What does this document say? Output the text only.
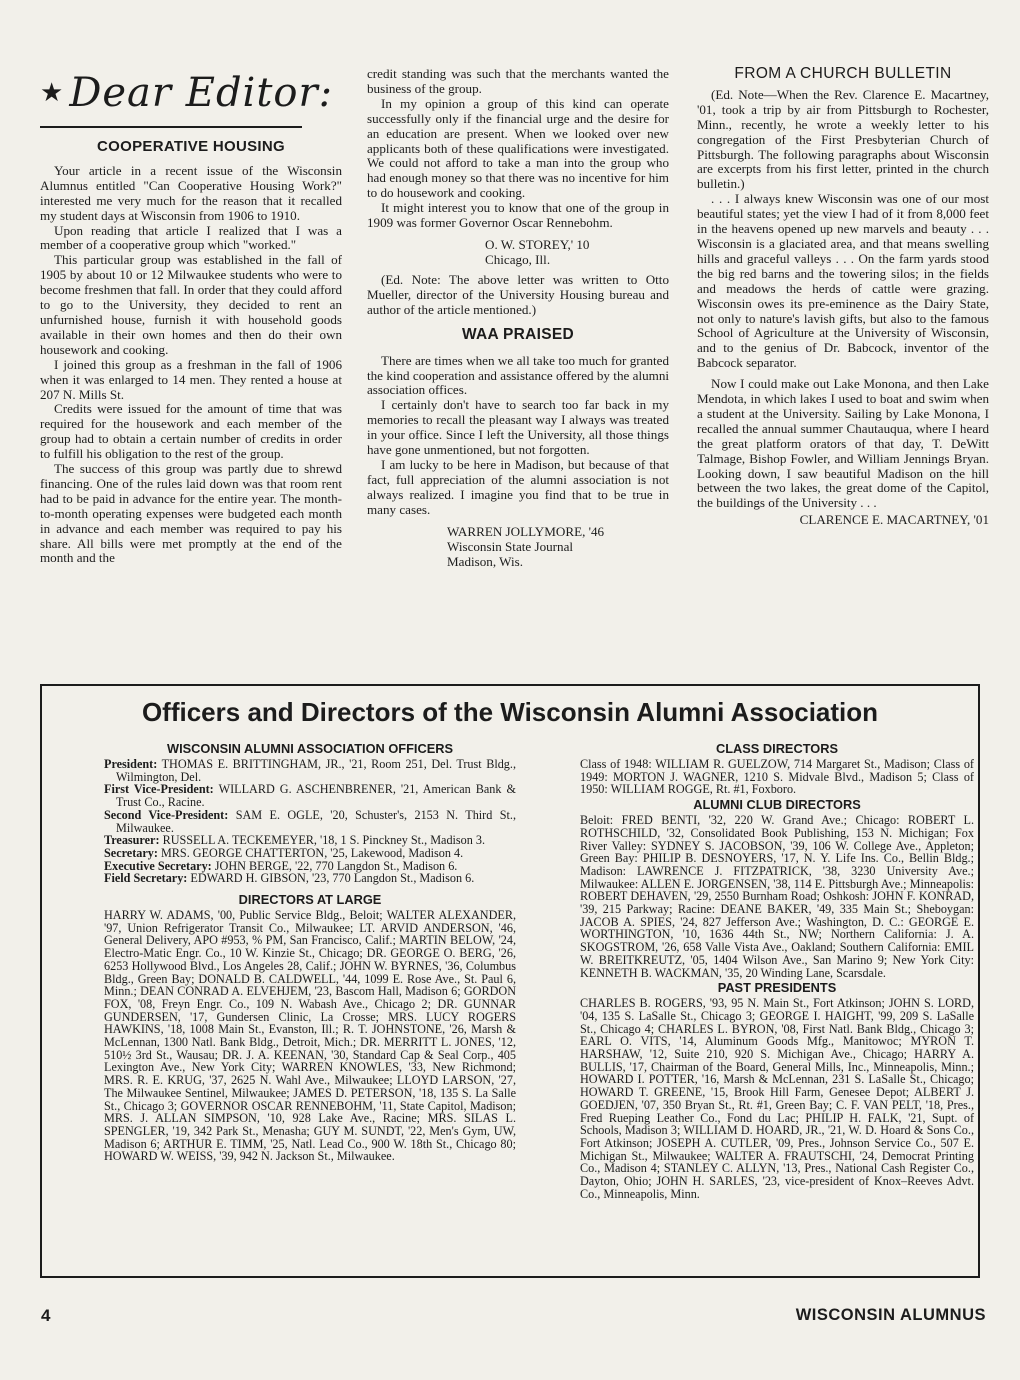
★ Dear Editor:
COOPERATIVE HOUSING

Your article in a recent issue of the Wisconsin Alumnus entitled "Can Cooperative Housing Work?" interested me very much for the reason that it recalled my student days at Wisconsin from 1906 to 1910.

Upon reading that article I realized that I was a member of a cooperative group which "worked."

This particular group was established in the fall of 1905 by about 10 or 12 Milwaukee students who were to become freshmen that fall. In order that they could afford to go to the University, they decided to rent an unfurnished house, furnish it with household goods available in their own homes and then do their own housework and cooking.

I joined this group as a freshman in the fall of 1906 when it was enlarged to 14 men. They rented a house at 207 N. Mills St.

Credits were issued for the amount of time that was required for the housework and each member of the group had to obtain a certain number of credits in order to fulfill his obligation to the rest of the group.

The success of this group was partly due to shrewd financing. One of the rules laid down was that room rent had to be paid in advance for the entire year. The month-to-month operating expenses were budgeted each month in advance and each member was required to pay his share. All bills were met promptly at the end of the month and the

credit standing was such that the merchants wanted the business of the group.

In my opinion a group of this kind can operate successfully only if the financial urge and the desire for an education are present. When we looked over new applicants both of these qualifications were investigated. We could not afford to take a man into the group who had enough money so that there was no incentive for him to do housework and cooking.

It might interest you to know that one of the group in 1909 was former Governor Oscar Rennebohm.

O. W. STOREY,' 10
Chicago, Ill.

(Ed. Note: The above letter was written to Otto Mueller, director of the University Housing bureau and author of the article mentioned.)

WAA PRAISED

There are times when we all take too much for granted the kind cooperation and assistance offered by the alumni association offices.

I certainly don't have to search too far back in my memories to recall the pleasant way I always was treated in your office. Since I left the University, all those things have gone unmentioned, but not forgotten.

I am lucky to be here in Madison, but because of that fact, full appreciation of the alumni association is not always realized. I imagine you find that to be true in many cases.

WARREN JOLLYMORE, '46
Wisconsin State Journal
Madison, Wis.
FROM A CHURCH BULLETIN

(Ed. Note—When the Rev. Clarence E. Macartney, '01, took a trip by air from Pittsburgh to Rochester, Minn., recently, he wrote a weekly letter to his congregation of the First Presbyterian Church of Pittsburgh. The following paragraphs about Wisconsin are excerpts from his first letter, printed in the church bulletin.)

. . . I always knew Wisconsin was one of our most beautiful states; yet the view I had of it from 8,000 feet in the heavens opened up new marvels and beauty . . . Wisconsin is a glaciated area, and that means swelling hills and graceful valleys . . . On the farm yards stood the big red barns and the towering silos; in the fields and meadows the herds of cattle were grazing. Wisconsin owes its pre-eminence as the Dairy State, not only to nature's lavish gifts, but also to the famous School of Agriculture at the University of Wisconsin, and to the genius of Dr. Babcock, inventor of the Babcock separator.

Now I could make out Lake Monona, and then Lake Mendota, in which lakes I used to boat and swim when a student at the University. Sailing by Lake Monona, I recalled the annual summer Chautauqua, where I heard the great platform orators of that day, T. DeWitt Talmage, Bishop Fowler, and William Jennings Bryan. Looking down, I saw beautiful Madison on the hill between the two lakes, the great dome of the Capitol, the buildings of the University . . .

CLARENCE E. MACARTNEY, '01
Officers and Directors of the Wisconsin Alumni Association
WISCONSIN ALUMNI ASSOCIATION OFFICERS
President: THOMAS E. BRITTINGHAM, JR., '21, Room 251, Del. Trust Bldg., Wilmington, Del.
First Vice-President: WILLARD G. ASCHENBRENER, '21, American Bank & Trust Co., Racine.
Second Vice-President: SAM E. OGLE, '20, Schuster's, 2153 N. Third St., Milwaukee.
Treasurer: RUSSELL A. TECKEMEYER, '18, 1 S. Pinckney St., Madison 3.
Secretary: MRS. GEORGE CHATTERTON, '25, Lakewood, Madison 4.
Executive Secretary: JOHN BERGE, '22, 770 Langdon St., Madison 6.
Field Secretary: EDWARD H. GIBSON, '23, 770 Langdon St., Madison 6.
DIRECTORS AT LARGE

HARRY W. ADAMS, '00, Public Service Bldg., Beloit; WALTER ALEXANDER, '97, Union Refrigerator Transit Co., Milwaukee; LT. ARVID ANDERSON, '46, General Delivery, APO #953, % PM, San Francisco, Calif.; MARTIN BELOW, '24, Electro-Matic Engr. Co., 10 W. Kinzie St., Chicago; DR. GEORGE O. BERG, '26, 6253 Hollywood Blvd., Los Angeles 28, Calif.; JOHN W. BYRNES, '36, Columbus Bldg., Green Bay; DONALD B. CALDWELL, '44, 1099 E. Rose Ave., St. Paul 6, Minn.; DEAN CONRAD A. ELVEHJEM, '23, Bascom Hall, Madison 6; GORDON FOX, '08, Freyn Engr. Co., 109 N. Wabash Ave., Chicago 2; DR. GUNNAR GUNDERSEN, '17, Gundersen Clinic, La Crosse; MRS. LUCY ROGERS HAWKINS, '18, 1008 Main St., Evanston, Ill.; R. T. JOHNSTONE, '26, Marsh & McLennan, 1300 Natl. Bank Bldg., Detroit, Mich.; DR. MERRITT L. JONES, '12, 510½ 3rd St., Wausau; DR. J. A. KEENAN, '30, Standard Cap & Seal Corp., 405 Lexington Ave., New York City; WARREN KNOWLES, '33, New Richmond; MRS. R. E. KRUG, '37, 2625 N. Wahl Ave., Milwaukee; LLOYD LARSON, '27, The Milwaukee Sentinel, Milwaukee; JAMES D. PETERSON, '18, 135 S. La Salle St., Chicago 3; GOVERNOR OSCAR RENNEBOHM, '11, State Capitol, Madison; MRS. J. ALLAN SIMPSON, '10, 928 Lake Ave., Racine; MRS. SILAS L. SPENGLER, '19, 342 Park St., Menasha; GUY M. SUNDT, '22, Men's Gym, UW, Madison 6; ARTHUR E. TIMM, '25, Natl. Lead Co., 900 W. 18th St., Chicago 80; HOWARD W. WEISS, '39, 942 N. Jackson St., Milwaukee.

CLASS DIRECTORS

Class of 1948: WILLIAM R. GUELZOW, 714 Margaret St., Madison; Class of 1949: MORTON J. WAGNER, 1210 S. Midvale Blvd., Madison 5; Class of 1950: WILLIAM ROGGE, Rt. #1, Foxboro.

ALUMNI CLUB DIRECTORS

Beloit: FRED BENTI, '32, 220 W. Grand Ave.; Chicago: ROBERT L. ROTHSCHILD, '32, Consolidated Book Publishing, 153 N. Michigan; Fox River Valley: SYDNEY S. JACOBSON, '39, 106 W. College Ave., Appleton; Green Bay: PHILIP B. DESNOYERS, '17, N. Y. Life Ins. Co., Bellin Bldg.; Madison: LAWRENCE J. FITZPATRICK, '38, 3230 University Ave.; Milwaukee: ALLEN E. JORGENSEN, '38, 114 E. Pittsburgh Ave.; Minneapolis: ROBERT DEHAVEN, '29, 2550 Burnham Road; Oshkosh: JOHN F. KONRAD, '39, 215 Parkway; Racine: DEANE BAKER, '49, 335 Main St.; Sheboygan: JACOB A. SPIES, '24, 827 Jefferson Ave.; Washington, D. C.: GEORGE E. WORTHINGTON, '10, 1636 44th St., NW; Northern California: J. A. SKOGSTROM, '26, 658 Valle Vista Ave., Oakland; Southern California: EMIL W. BREITKREUTZ, '05, 1404 Wilson Ave., San Marino 9; New York City: KENNETH B. WACKMAN, '35, 20 Winding Lane, Scarsdale.

PAST PRESIDENTS

CHARLES B. ROGERS, '93, 95 N. Main St., Fort Atkinson; JOHN S. LORD, '04, 135 S. LaSalle St., Chicago 3; GEORGE I. HAIGHT, '99, 209 S. LaSalle St., Chicago 4; CHARLES L. BYRON, '08, First Natl. Bank Bldg., Chicago 3; EARL O. VITS, '14, Aluminum Goods Mfg., Manitowoc; MYRON T. HARSHAW, '12, Suite 210, 920 S. Michigan Ave., Chicago; HARRY A. BULLIS, '17, Chairman of the Board, General Mills, Inc., Minneapolis, Minn.; HOWARD I. POTTER, '16, Marsh & McLennan, 231 S. LaSalle St., Chicago; HOWARD T. GREENE, '15, Brook Hill Farm, Genesee Depot; ALBERT J. GOEDJEN, '07, 350 Bryan St., Rt. #1, Green Bay; C. F. VAN PELT, '18, Pres., Fred Rueping Leather Co., Fond du Lac; PHILIP H. FALK, '21, Supt. of Schools, Madison 3; WILLIAM D. HOARD, JR., '21, W. D. Hoard & Sons Co., Fort Atkinson; JOSEPH A. CUTLER, '09, Pres., Johnson Service Co., 507 E. Michigan St., Milwaukee; WALTER A. FRAUTSCHI, '24, Democrat Printing Co., Madison 4; STANLEY C. ALLYN, '13, Pres., National Cash Register Co., Dayton, Ohio; JOHN H. SARLES, '23, vice-president of Knox–Reeves Advt. Co., Minneapolis, Minn.

4	WISCONSIN ALUMNUS
